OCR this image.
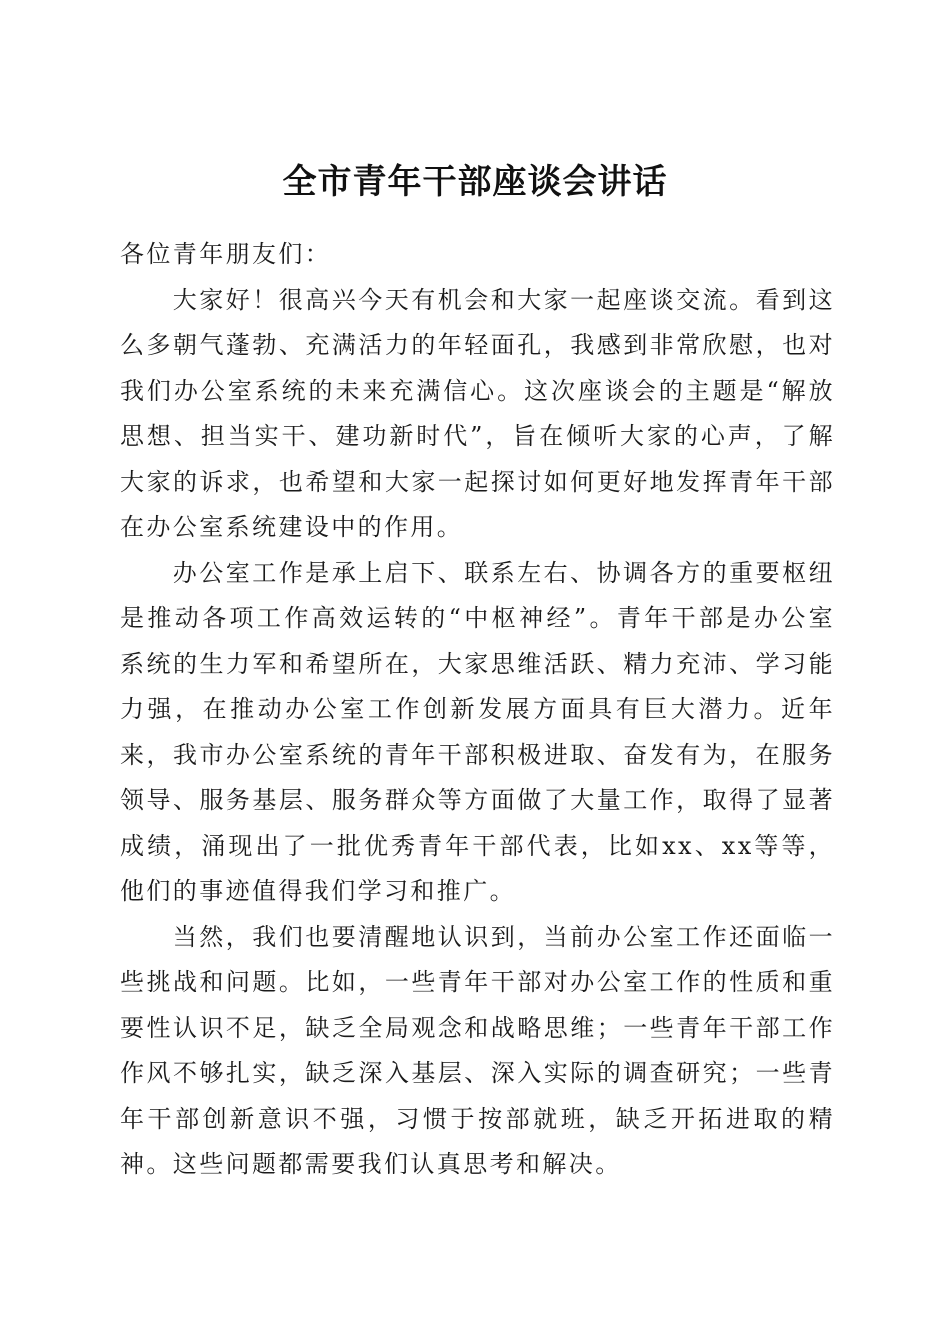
全市青年干部座谈会讲话

各位青年朋友们：

大家好！很高兴今天有机会和大家一起座谈交流。看到这么多朝气蓬勃、充满活力的年轻面孔，我感到非常欣慰，也对我们办公室系统的未来充满信心。这次座谈会的主题是“解放思想、担当实干、建功新时代”，旨在倾听大家的心声，了解大家的诉求，也希望和大家一起探讨如何更好地发挥青年干部在办公室系统建设中的作用。

办公室工作是承上启下、联系左右、协调各方的重要枢纽是推动各项工作高效运转的“中枢神经”。青年干部是办公室系统的生力军和希望所在，大家思维活跃、精力充沛、学习能力强，在推动办公室工作创新发展方面具有巨大潜力。近年来，我市办公室系统的青年干部积极进取、奋发有为，在服务领导、服务基层、服务群众等方面做了大量工作，取得了显著成绩，涌现出了一批优秀青年干部代表，比如xx、xx等等，他们的事迹值得我们学习和推广。

当然，我们也要清醒地认识到，当前办公室工作还面临一些挑战和问题。比如，一些青年干部对办公室工作的性质和重要性认识不足，缺乏全局观念和战略思维；一些青年干部工作作风不够扎实，缺乏深入基层、深入实际的调查研究；一些青年干部创新意识不强，习惯于按部就班，缺乏开拓进取的精神。这些问题都需要我们认真思考和解决。
